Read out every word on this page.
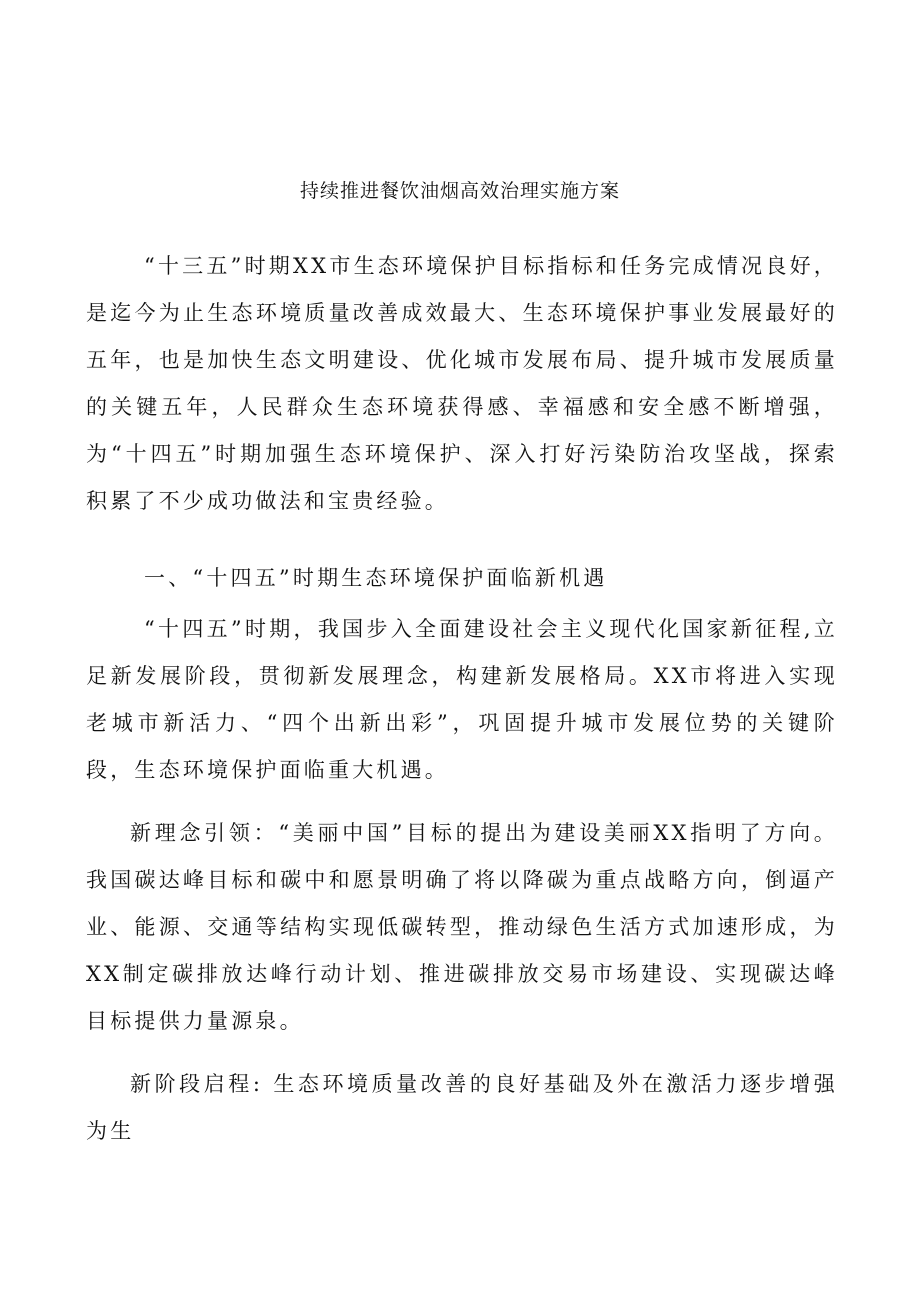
持续推进餐饮油烟高效治理实施方案

“十三五”时期XX市生态环境保护目标指标和任务完成情况良好，是迄今为止生态环境质量改善成效最大、生态环境保护事业发展最好的五年，也是加快生态文明建设、优化城市发展布局、提升城市发展质量的关键五年，人民群众生态环境获得感、幸福感和安全感不断增强，为“十四五”时期加强生态环境保护、深入打好污染防治攻坚战，探索积累了不少成功做法和宝贵经验。

一、“十四五”时期生态环境保护面临新机遇

“十四五”时期，我国步入全面建设社会主义现代化国家新征程,立足新发展阶段，贯彻新发展理念，构建新发展格局。XX市将进入实现老城市新活力、“四个出新出彩”，巩固提升城市发展位势的关键阶段，生态环境保护面临重大机遇。

新理念引领：“美丽中国”目标的提出为建设美丽XX指明了方向。我国碳达峰目标和碳中和愿景明确了将以降碳为重点战略方向，倒逼产业、能源、交通等结构实现低碳转型，推动绿色生活方式加速形成，为XX制定碳排放达峰行动计划、推进碳排放交易市场建设、实现碳达峰目标提供力量源泉。

新阶段启程: 生态环境质量改善的良好基础及外在激活力逐步增强为生
